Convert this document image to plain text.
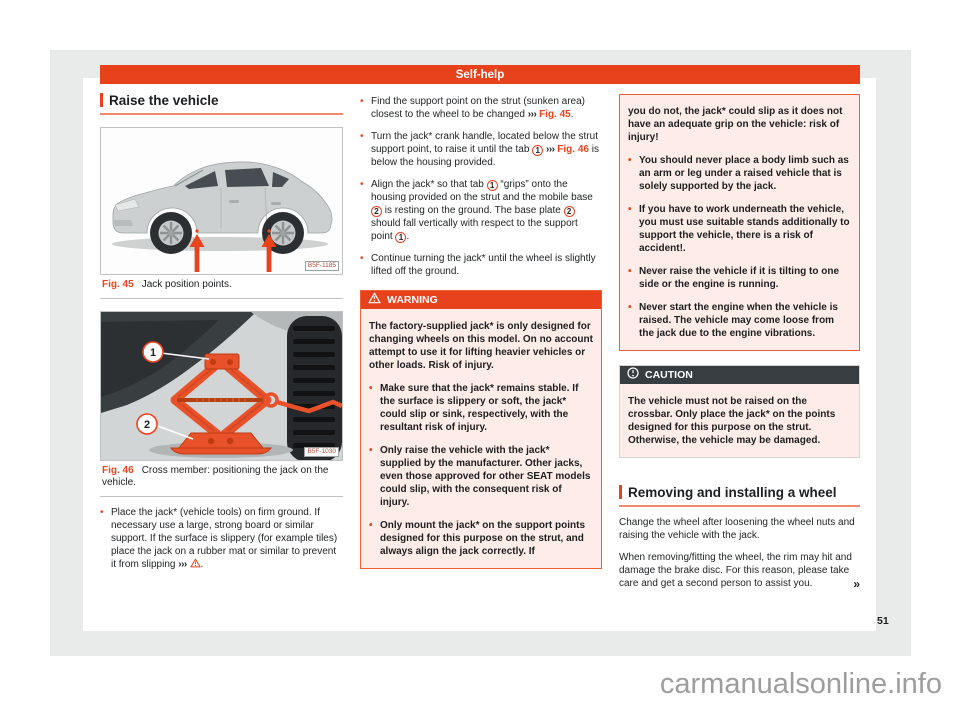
Self-help
Raise the vehicle
B5F-1185
Fig. 45 Jack position points.
1
2
B5F-1030
Fig. 46 Cross member: positioning the jack on the vehicle.

• Place the jack* (vehicle tools) on firm ground. If necessary use a large, strong board or similar support. If the surface is slippery (for example tiles) place the jack on a rubber mat or similar to prevent it from slipping ››› .

• Find the support point on the strut (sunken area) closest to the wheel to be changed ››› Fig. 45.

• Turn the jack* crank handle, located below the strut support point, to raise it until the tab 1 ››› Fig. 46 is below the housing provided.

• Align the jack* so that tab 1 “grips” onto the housing provided on the strut and the mobile base 2 is resting on the ground. The base plate 2 should fall vertically with respect to the support point 1 .

• Continue turning the jack* until the wheel is slightly lifted off the ground.

WARNING

The factory-supplied jack* is only designed for changing wheels on this model. On no account attempt to use it for lifting heavier vehicles or other loads. Risk of injury.

• Make sure that the jack* remains stable. If the surface is slippery or soft, the jack* could slip or sink, respectively, with the resultant risk of injury.

• Only raise the vehicle with the jack* supplied by the manufacturer. Other jacks, even those approved for other SEAT models could slip, with the consequent risk of injury.

• Only mount the jack* on the support points designed for this purpose on the strut, and always align the jack correctly. If

you do not, the jack* could slip as it does not have an adequate grip on the vehicle: risk of injury!

• You should never place a body limb such as an arm or leg under a raised vehicle that is solely supported by the jack.

• If you have to work underneath the vehicle, you must use suitable stands additionally to support the vehicle, there is a risk of accident!.

• Never raise the vehicle if it is tilting to one side or the engine is running.

• Never start the engine when the vehicle is raised. The vehicle may come loose from the jack due to the engine vibrations.

CAUTION

The vehicle must not be raised on the crossbar. Only place the jack* on the points designed for this purpose on the strut. Otherwise, the vehicle may be damaged.

Removing and installing a wheel

Change the wheel after loosening the wheel nuts and raising the vehicle with the jack.

When removing/fitting the wheel, the rim may hit and damage the brake disc. For this reason, please take care and get a second person to assist you.	»

51
carmanualsonline.info
